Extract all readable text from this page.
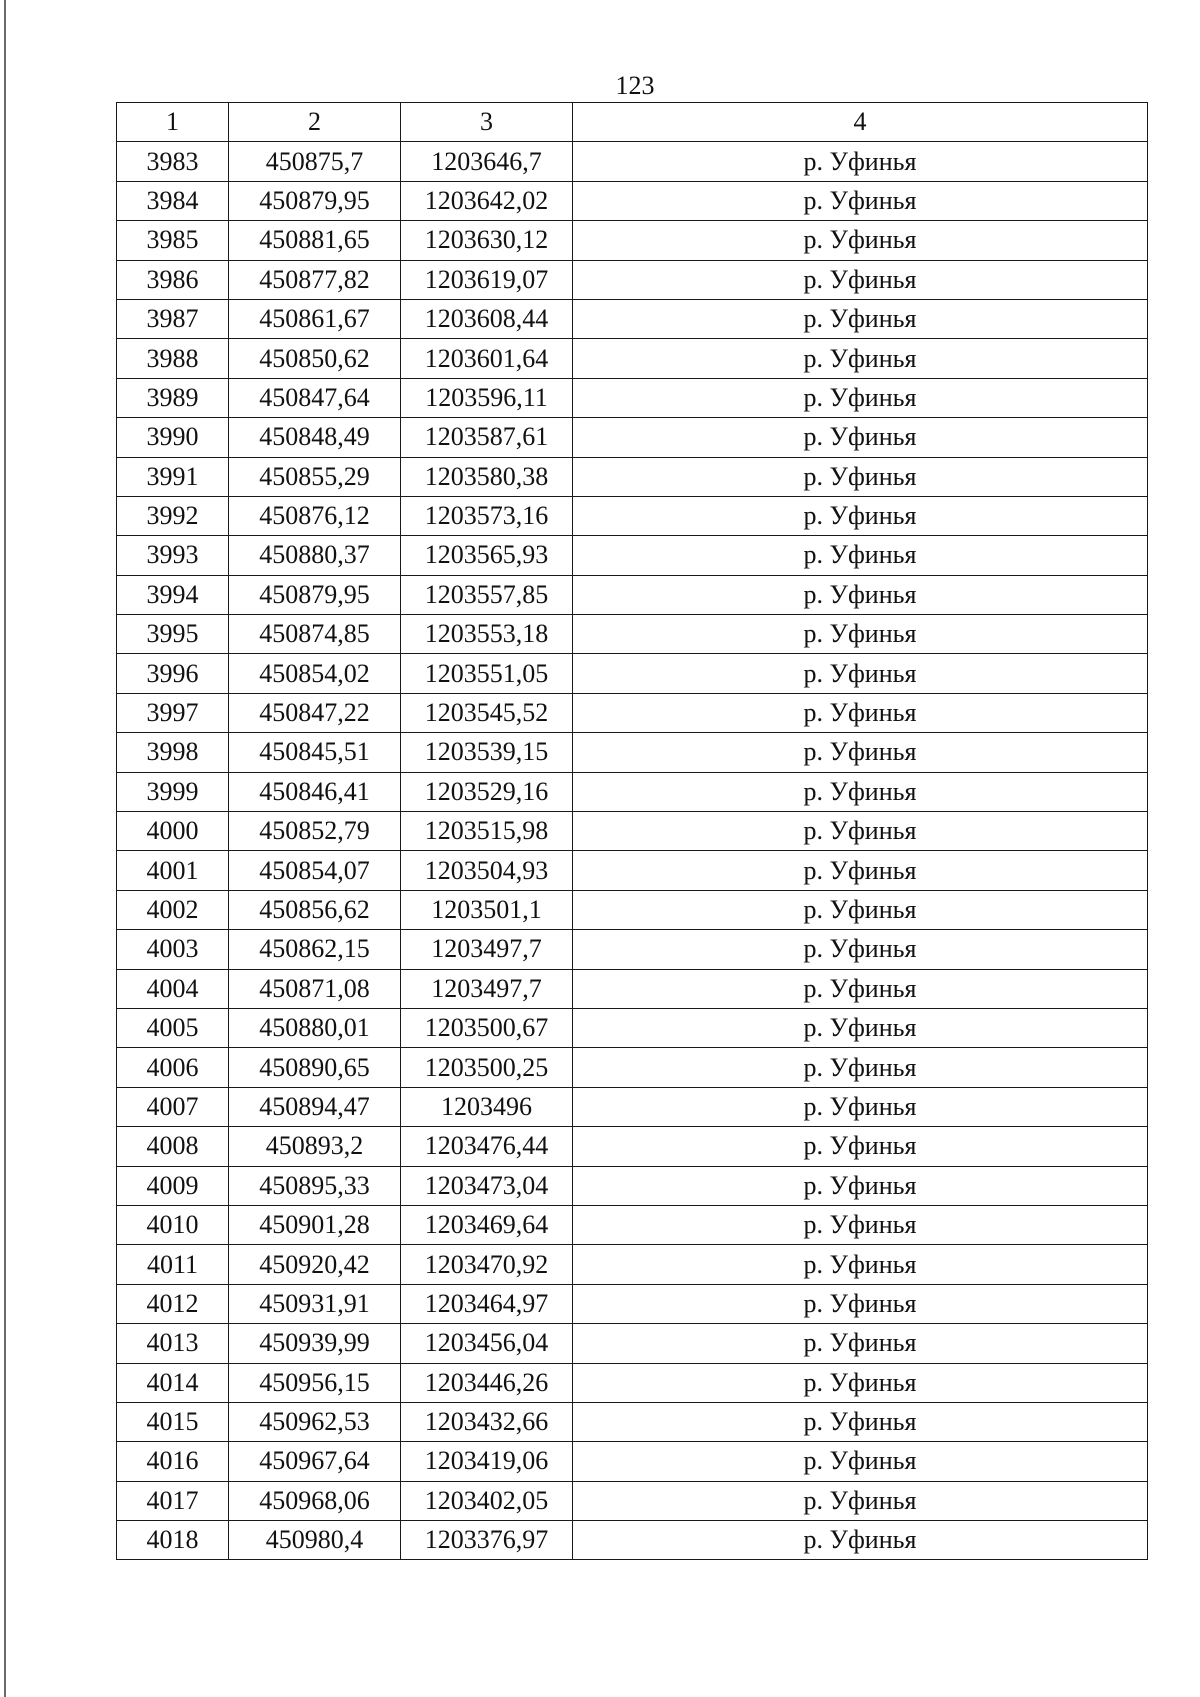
123
1	2	3	4
3983	450875,7	1203646,7	р. Уфинья
3984	450879,95	1203642,02	р. Уфинья
3985	450881,65	1203630,12	р. Уфинья
3986	450877,82	1203619,07	р. Уфинья
3987	450861,67	1203608,44	р. Уфинья
3988	450850,62	1203601,64	р. Уфинья
3989	450847,64	1203596,11	р. Уфинья
3990	450848,49	1203587,61	р. Уфинья
3991	450855,29	1203580,38	р. Уфинья
3992	450876,12	1203573,16	р. Уфинья
3993	450880,37	1203565,93	р. Уфинья
3994	450879,95	1203557,85	р. Уфинья
3995	450874,85	1203553,18	р. Уфинья
3996	450854,02	1203551,05	р. Уфинья
3997	450847,22	1203545,52	р. Уфинья
3998	450845,51	1203539,15	р. Уфинья
3999	450846,41	1203529,16	р. Уфинья
4000	450852,79	1203515,98	р. Уфинья
4001	450854,07	1203504,93	р. Уфинья
4002	450856,62	1203501,1	р. Уфинья
4003	450862,15	1203497,7	р. Уфинья
4004	450871,08	1203497,7	р. Уфинья
4005	450880,01	1203500,67	р. Уфинья
4006	450890,65	1203500,25	р. Уфинья
4007	450894,47	1203496	р. Уфинья
4008	450893,2	1203476,44	р. Уфинья
4009	450895,33	1203473,04	р. Уфинья
4010	450901,28	1203469,64	р. Уфинья
4011	450920,42	1203470,92	р. Уфинья
4012	450931,91	1203464,97	р. Уфинья
4013	450939,99	1203456,04	р. Уфинья
4014	450956,15	1203446,26	р. Уфинья
4015	450962,53	1203432,66	р. Уфинья
4016	450967,64	1203419,06	р. Уфинья
4017	450968,06	1203402,05	р. Уфинья
4018	450980,4	1203376,97	р. Уфинья
